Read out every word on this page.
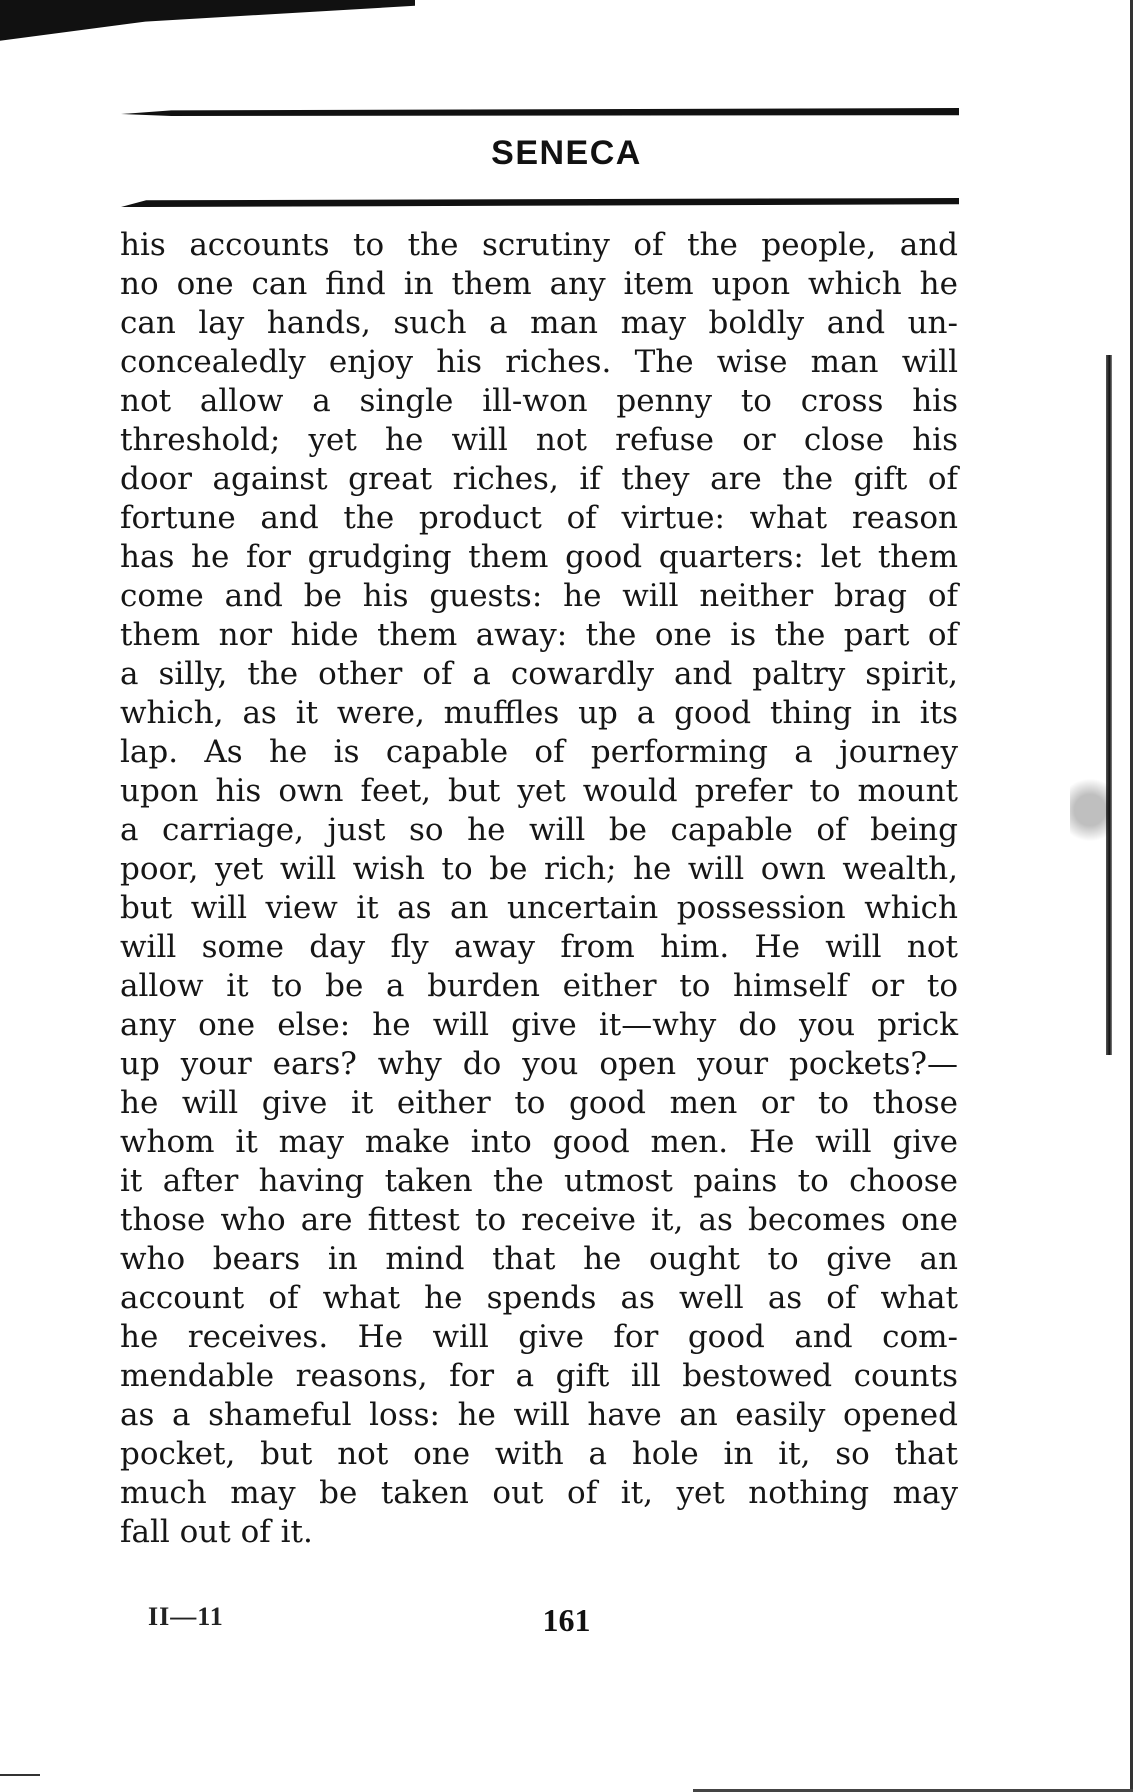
SENECA
his accounts to the scrutiny of the people, and
no one can find in them any item upon which he
can lay hands, such a man may boldly and un-
concealedly enjoy his riches. The wise man will
not allow a single ill-won penny to cross his
threshold; yet he will not refuse or close his
door against great riches, if they are the gift of
fortune and the product of virtue: what reason
has he for grudging them good quarters: let them
come and be his guests: he will neither brag of
them nor hide them away: the one is the part of
a silly, the other of a cowardly and paltry spirit,
which, as it were, muffles up a good thing in its
lap. As he is capable of performing a journey
upon his own feet, but yet would prefer to mount
a carriage, just so he will be capable of being
poor, yet will wish to be rich; he will own wealth,
but will view it as an uncertain possession which
will some day fly away from him. He will not
allow it to be a burden either to himself or to
any one else: he will give it—why do you prick
up your ears? why do you open your pockets?—
he will give it either to good men or to those
whom it may make into good men. He will give
it after having taken the utmost pains to choose
those who are fittest to receive it, as becomes one
who bears in mind that he ought to give an
account of what he spends as well as of what
he receives. He will give for good and com-
mendable reasons, for a gift ill bestowed counts
as a shameful loss: he will have an easily opened
pocket, but not one with a hole in it, so that
much may be taken out of it, yet nothing may
fall out of it.
II—11	161
